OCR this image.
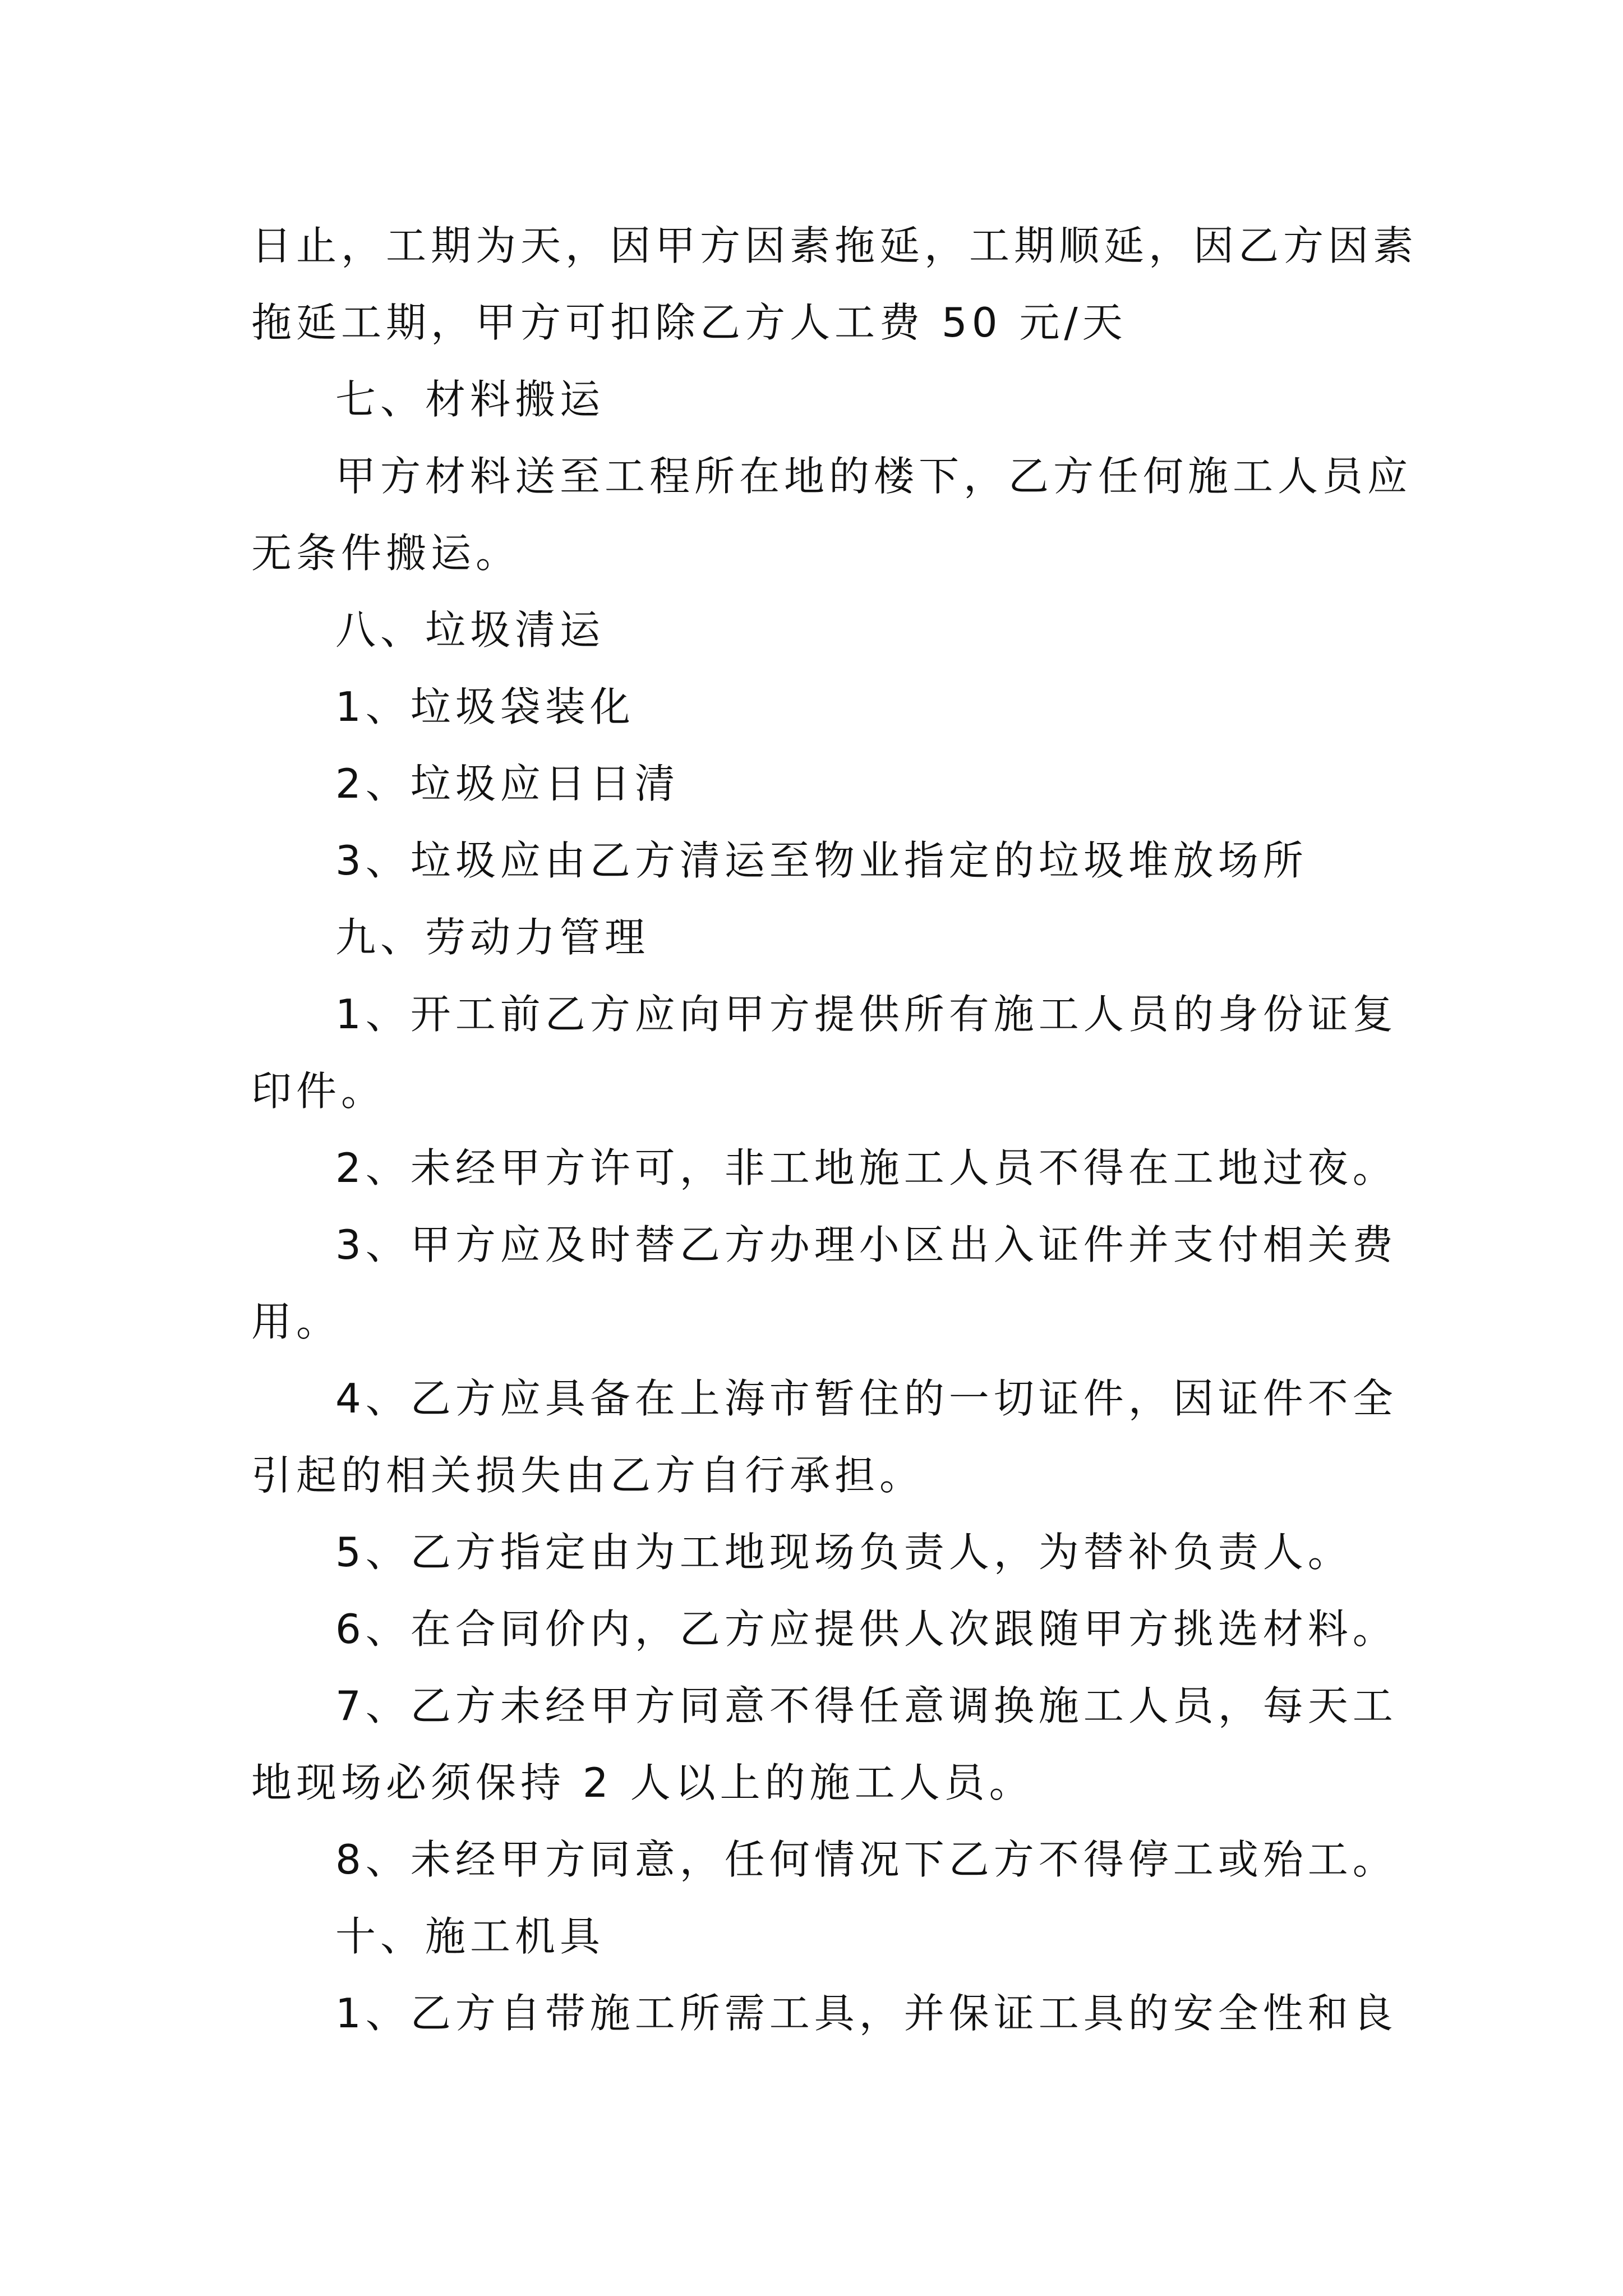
日止，工期为天，因甲方因素拖延，工期顺延，因乙方因素
拖延工期，甲方可扣除乙方人工费 50 元/天
七、材料搬运
甲方材料送至工程所在地的楼下，乙方任何施工人员应
无条件搬运。
八、垃圾清运
1、垃圾袋装化
2、垃圾应日日清
3、垃圾应由乙方清运至物业指定的垃圾堆放场所
九、劳动力管理
1、开工前乙方应向甲方提供所有施工人员的身份证复
印件。
2、未经甲方许可，非工地施工人员不得在工地过夜。
3、甲方应及时替乙方办理小区出入证件并支付相关费
用。
4、乙方应具备在上海市暂住的一切证件，因证件不全
引起的相关损失由乙方自行承担。
5、乙方指定由为工地现场负责人，为替补负责人。
6、在合同价内，乙方应提供人次跟随甲方挑选材料。
7、乙方未经甲方同意不得任意调换施工人员，每天工
地现场必须保持 2 人以上的施工人员。
8、未经甲方同意，任何情况下乙方不得停工或殆工。
十、施工机具
1、乙方自带施工所需工具，并保证工具的安全性和良
